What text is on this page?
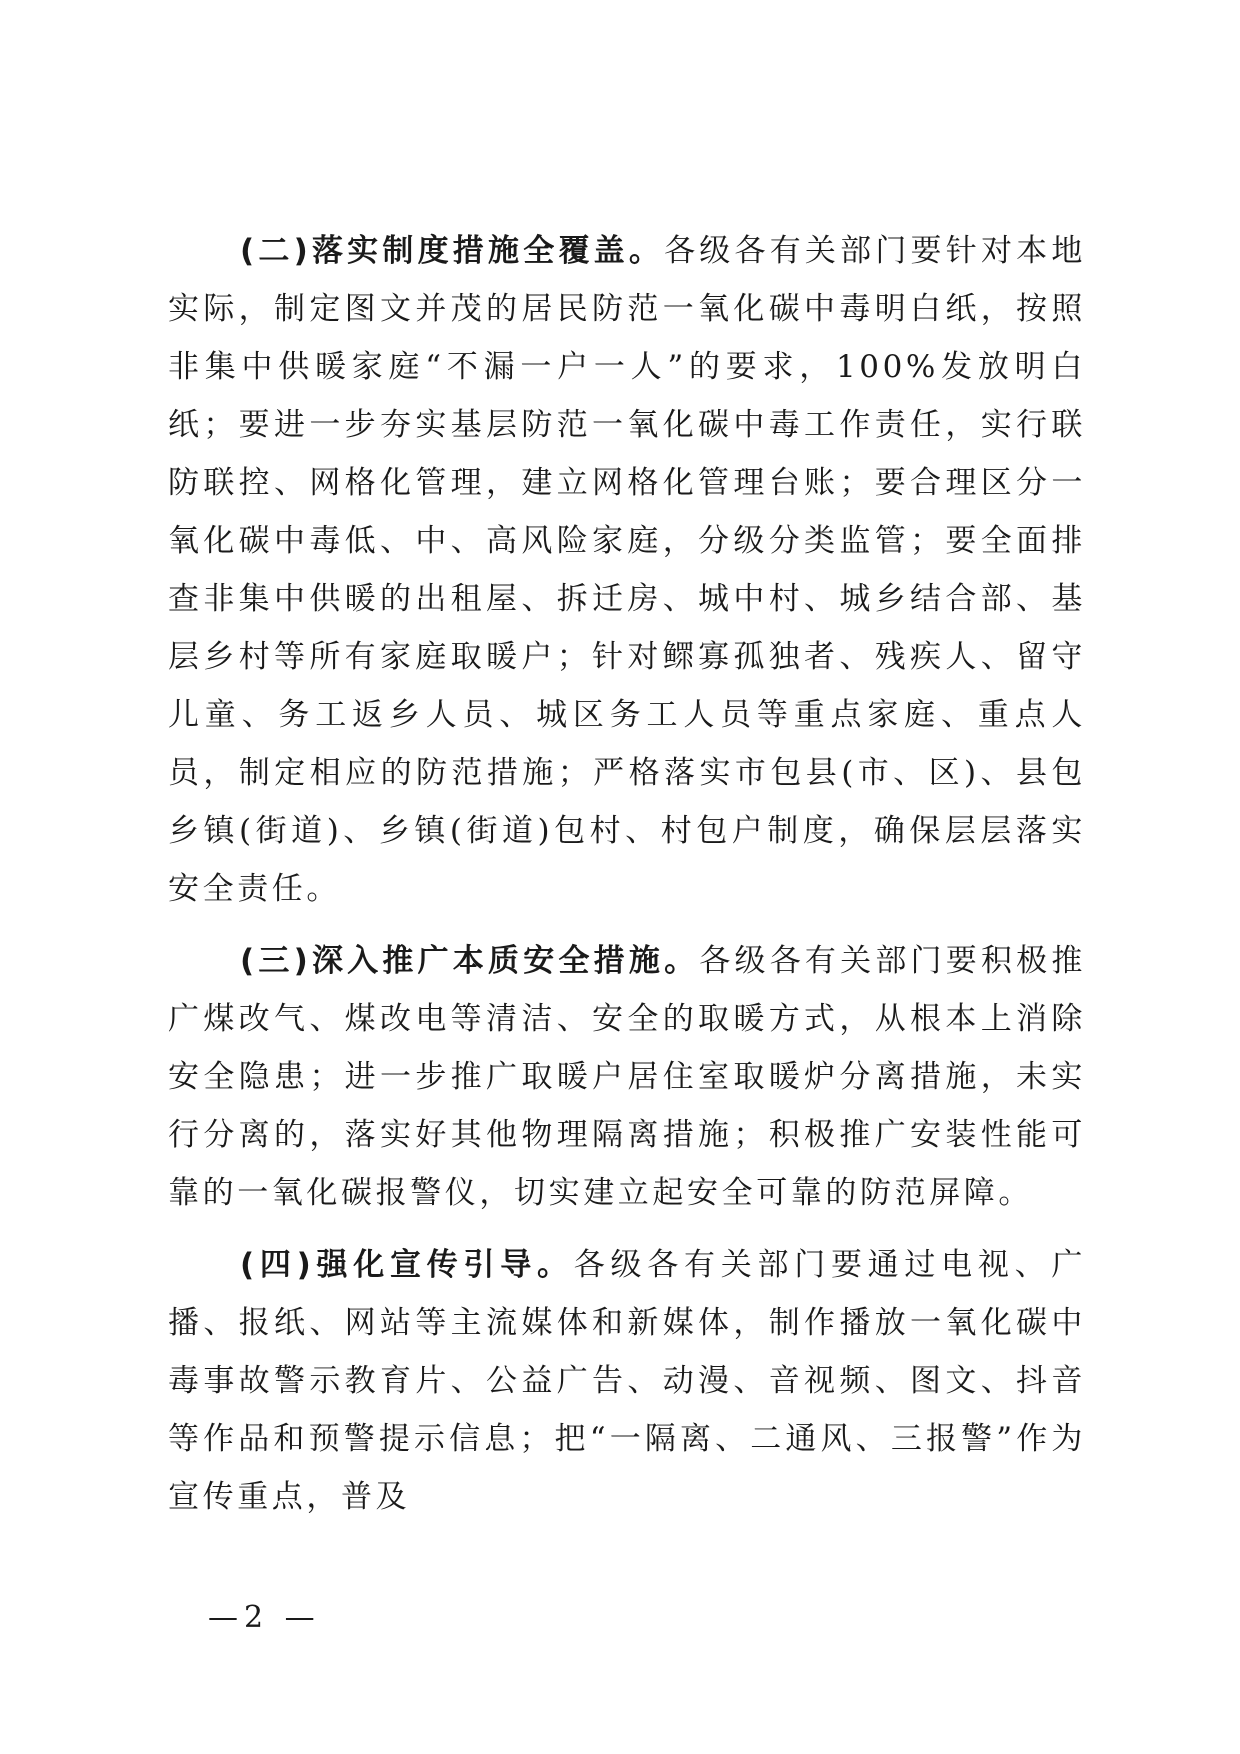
(二)落实制度措施全覆盖。各级各有关部门要针对本地实际，制定图文并茂的居民防范一氧化碳中毒明白纸，按照非集中供暖家庭“不漏一户一人”的要求，100%发放明白纸；要进一步夯实基层防范一氧化碳中毒工作责任，实行联防联控、网格化管理，建立网格化管理台账；要合理区分一氧化碳中毒低、中、高风险家庭，分级分类监管；要全面排查非集中供暖的出租屋、拆迁房、城中村、城乡结合部、基层乡村等所有家庭取暖户；针对鳏寡孤独者、残疾人、留守儿童、务工返乡人员、城区务工人员等重点家庭、重点人员，制定相应的防范措施；严格落实市包县(市、区)、县包乡镇(街道)、乡镇(街道)包村、村包户制度，确保层层落实安全责任。

(三)深入推广本质安全措施。各级各有关部门要积极推广煤改气、煤改电等清洁、安全的取暖方式，从根本上消除安全隐患；进一步推广取暖户居住室取暖炉分离措施，未实行分离的，落实好其他物理隔离措施；积极推广安装性能可靠的一氧化碳报警仪，切实建立起安全可靠的防范屏障。

(四)强化宣传引导。各级各有关部门要通过电视、广播、报纸、网站等主流媒体和新媒体，制作播放一氧化碳中毒事故警示教育片、公益广告、动漫、音视频、图文、抖音等作品和预警提示信息；把“一隔离、二通风、三报警”作为宣传重点，普及

—2 —
